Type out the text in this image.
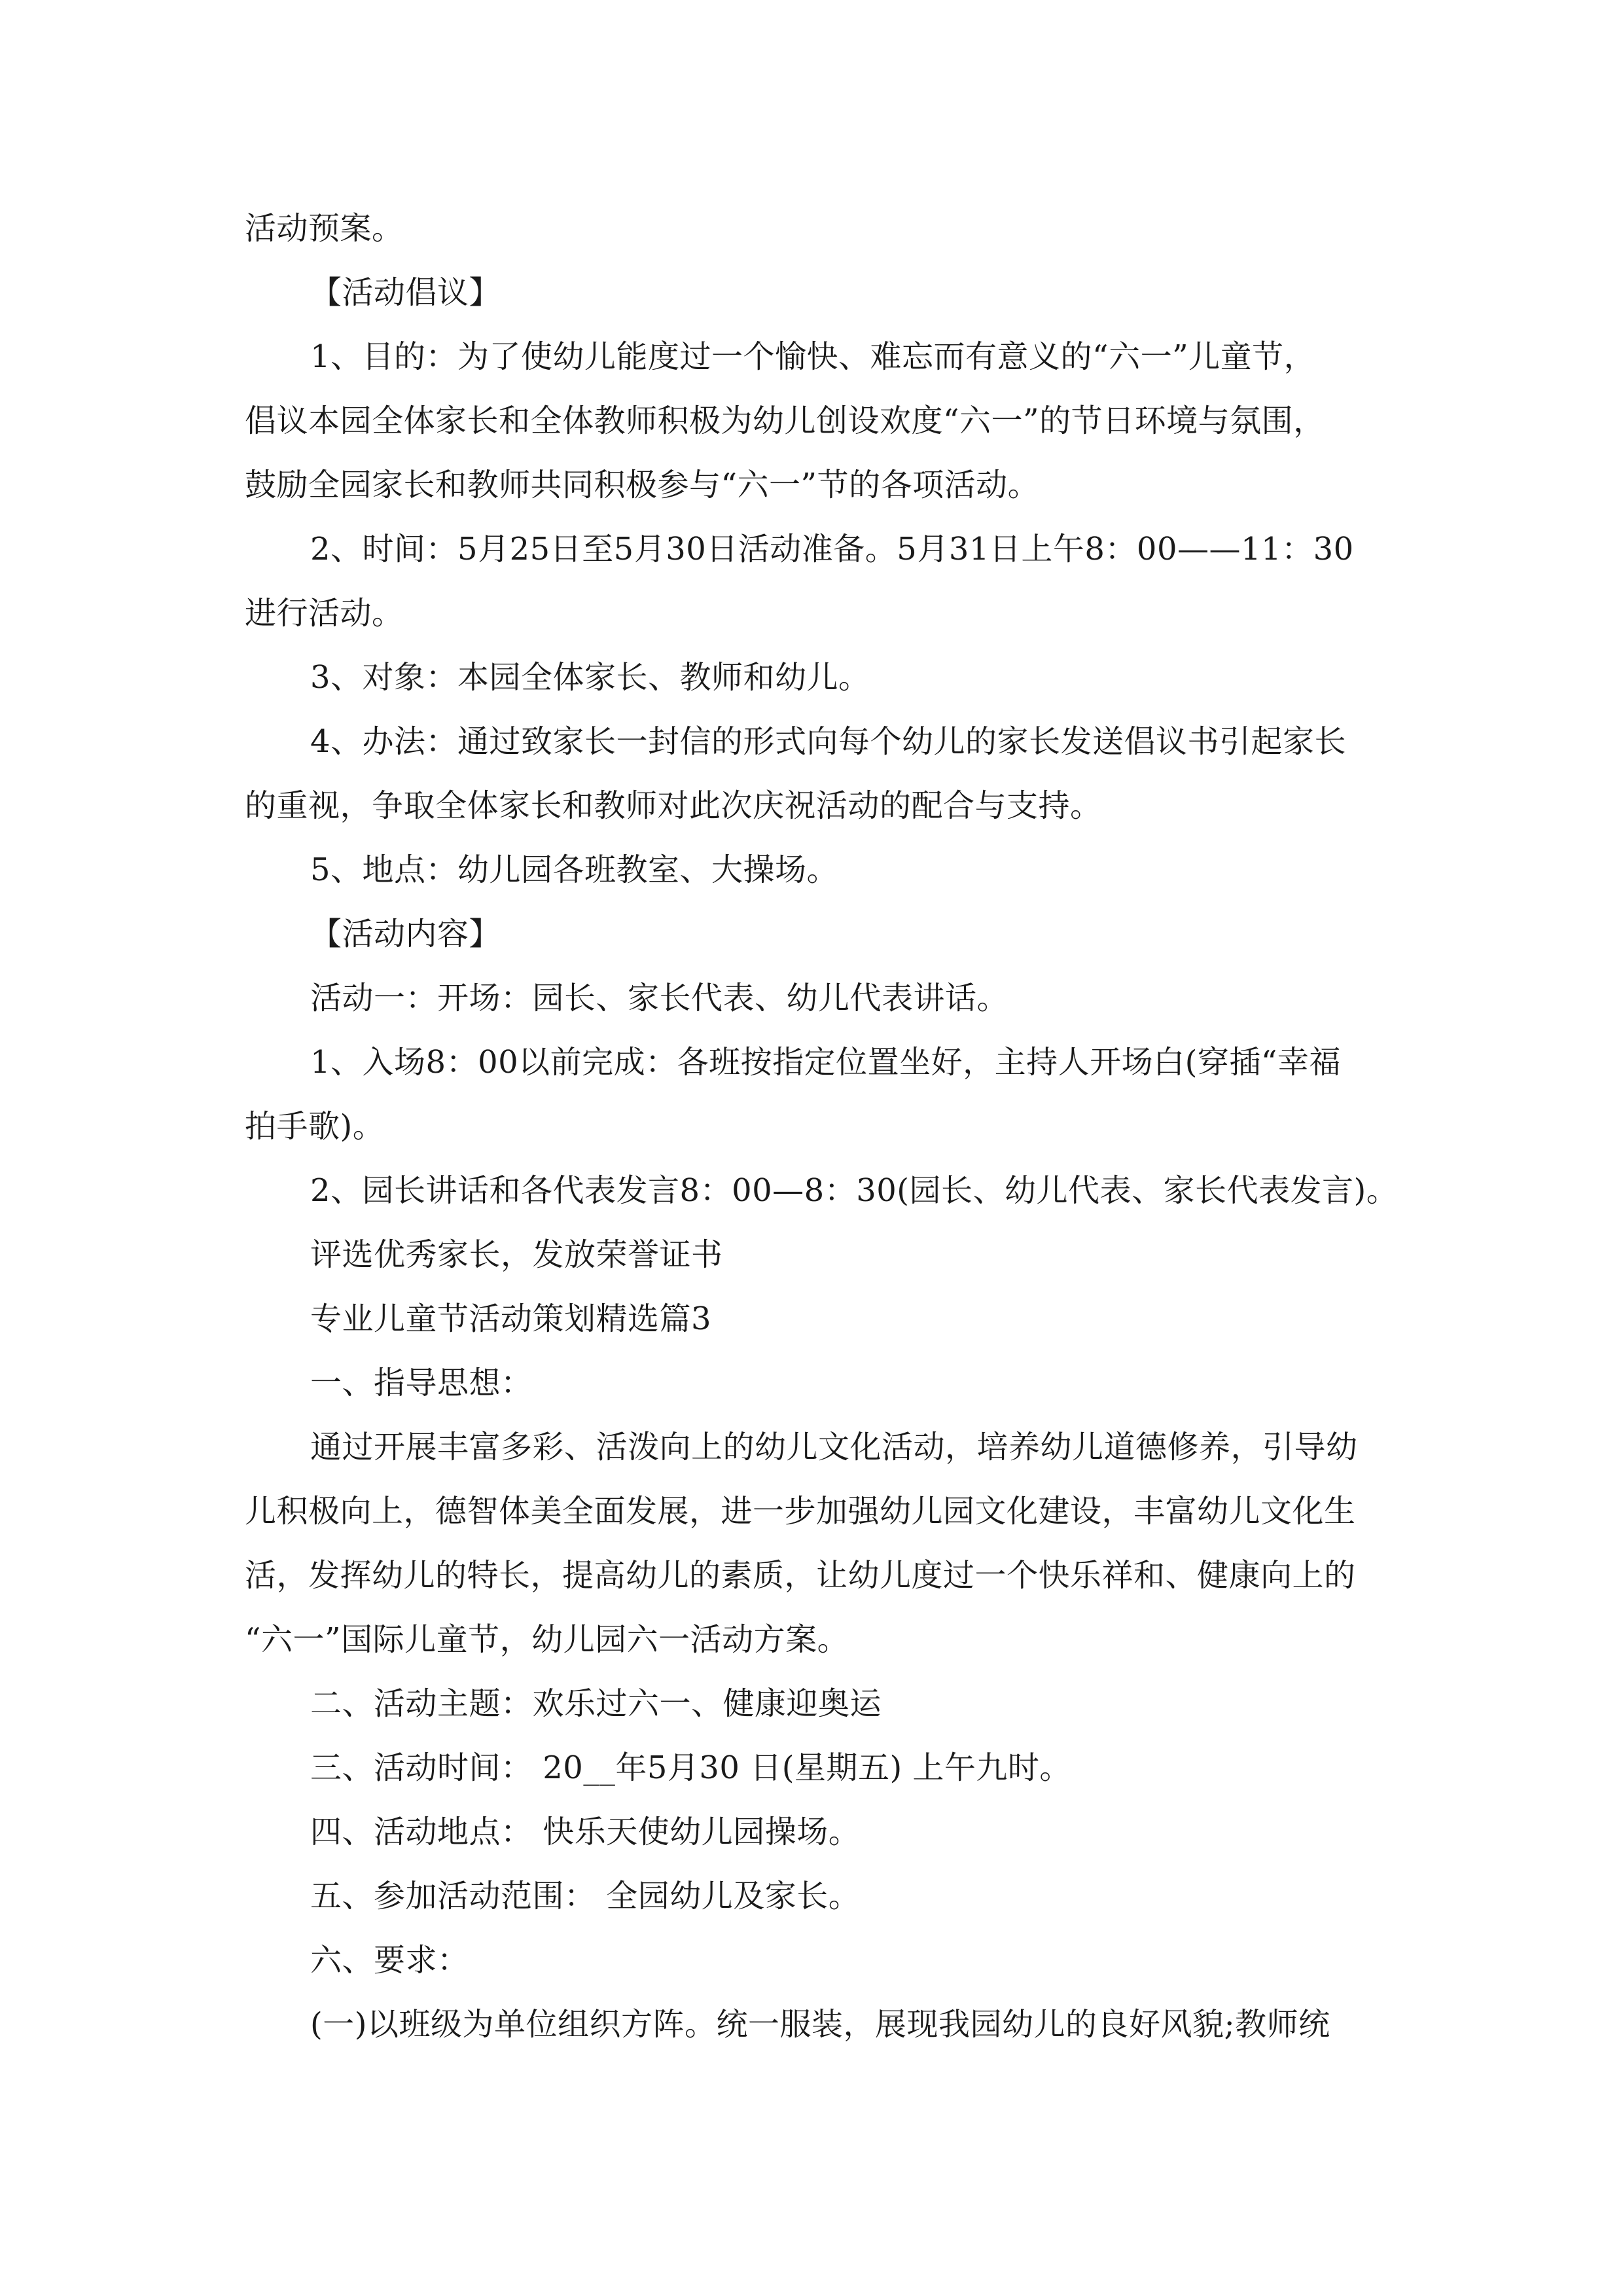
活动预案。
【活动倡议】
1、目的：为了使幼儿能度过一个愉快、难忘而有意义的“六一”儿童节，
倡议本园全体家长和全体教师积极为幼儿创设欢度“六一”的节日环境与氛围，
鼓励全园家长和教师共同积极参与“六一”节的各项活动。
2、时间：5月25日至5月30日活动准备。5月31日上午8：00——11：30
进行活动。
3、对象：本园全体家长、教师和幼儿。
4、办法：通过致家长一封信的形式向每个幼儿的家长发送倡议书引起家长
的重视，争取全体家长和教师对此次庆祝活动的配合与支持。
5、地点：幼儿园各班教室、大操场。
【活动内容】
活动一：开场：园长、家长代表、幼儿代表讲话。
1、入场8：00以前完成：各班按指定位置坐好，主持人开场白(穿插“幸福
拍手歌)。
2、园长讲话和各代表发言8：00—8：30(园长、幼儿代表、家长代表发言)。
评选优秀家长，发放荣誉证书
专业儿童节活动策划精选篇3
一、指导思想：
通过开展丰富多彩、活泼向上的幼儿文化活动，培养幼儿道德修养，引导幼
儿积极向上，德智体美全面发展，进一步加强幼儿园文化建设，丰富幼儿文化生
活，发挥幼儿的特长，提高幼儿的素质，让幼儿度过一个快乐祥和、健康向上的
“六一”国际儿童节，幼儿园六一活动方案。
二、活动主题：欢乐过六一、健康迎奥运
三、活动时间： 20__年5月30 日(星期五) 上午九时。
四、活动地点： 快乐天使幼儿园操场。
五、参加活动范围： 全园幼儿及家长。
六、要求：
(一)以班级为单位组织方阵。统一服装，展现我园幼儿的良好风貌;教师统
